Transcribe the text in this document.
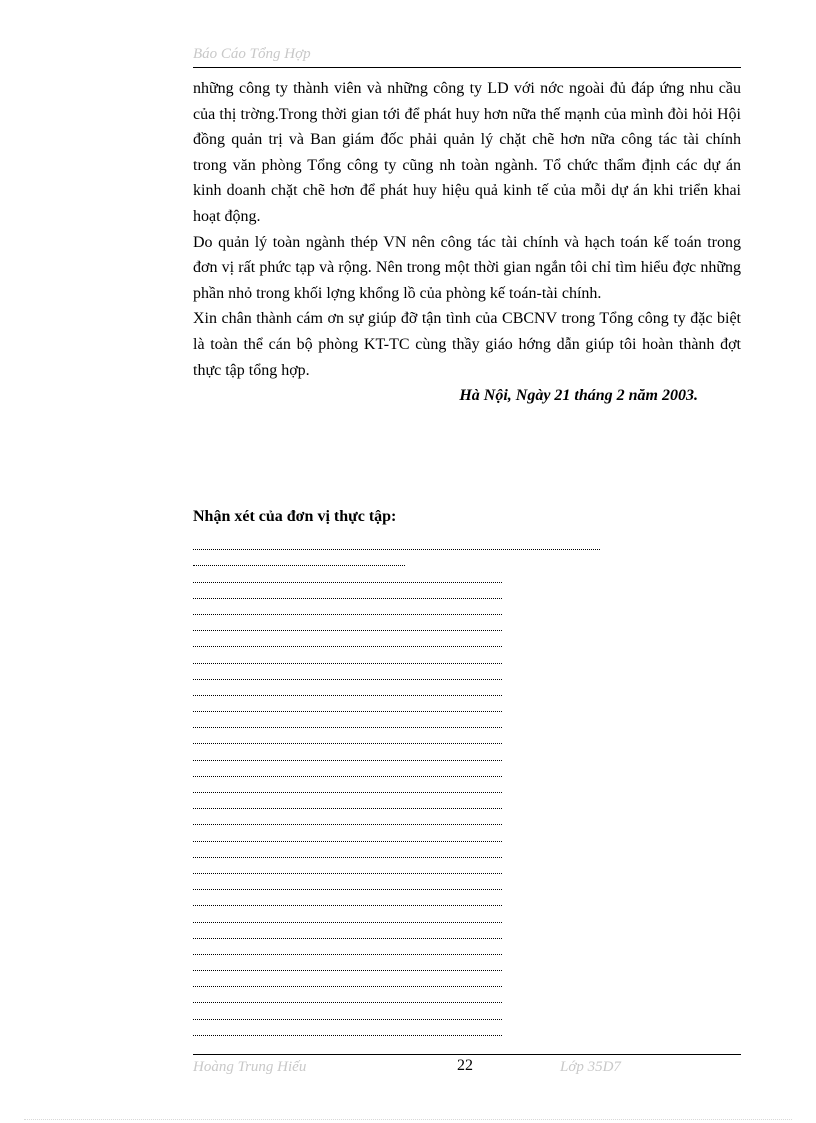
Báo Cáo Tổng Hợp

những công ty thành viên và những công ty LD với nớc ngoài đủ đáp ứng nhu cầu của thị trờng.Trong thời gian tới để phát huy hơn nữa thế mạnh của mình đòi hỏi Hội đồng quản trị và Ban giám đốc phải quản lý chặt chẽ hơn nữa công tác tài chính trong văn phòng Tổng công ty cũng nh toàn ngành. Tổ chức thẩm định các dự án kinh doanh chặt chẽ hơn để phát huy hiệu quả kinh tế của mỗi dự án khi triển khai hoạt động.

Do quản lý toàn ngành thép VN nên công tác tài chính và hạch toán kế toán trong đơn vị rất phức tạp và rộng. Nên trong một thời gian ngắn tôi chỉ tìm hiểu đợc những phần nhỏ trong khối lợng khổng lồ của phòng kế toán-tài chính.

Xin chân thành cám ơn sự giúp đỡ tận tình của CBCNV trong Tổng công ty đặc biệt là toàn thể cán bộ phòng KT-TC cùng thầy giáo hớng dẫn giúp tôi hoàn thành đợt thực tập tổng hợp.

Hà Nội, Ngày 21 tháng 2 năm 2003.

Nhận xét của đơn vị thực tập:
Hoàng Trung Hiếu	22	Lớp 35D7
